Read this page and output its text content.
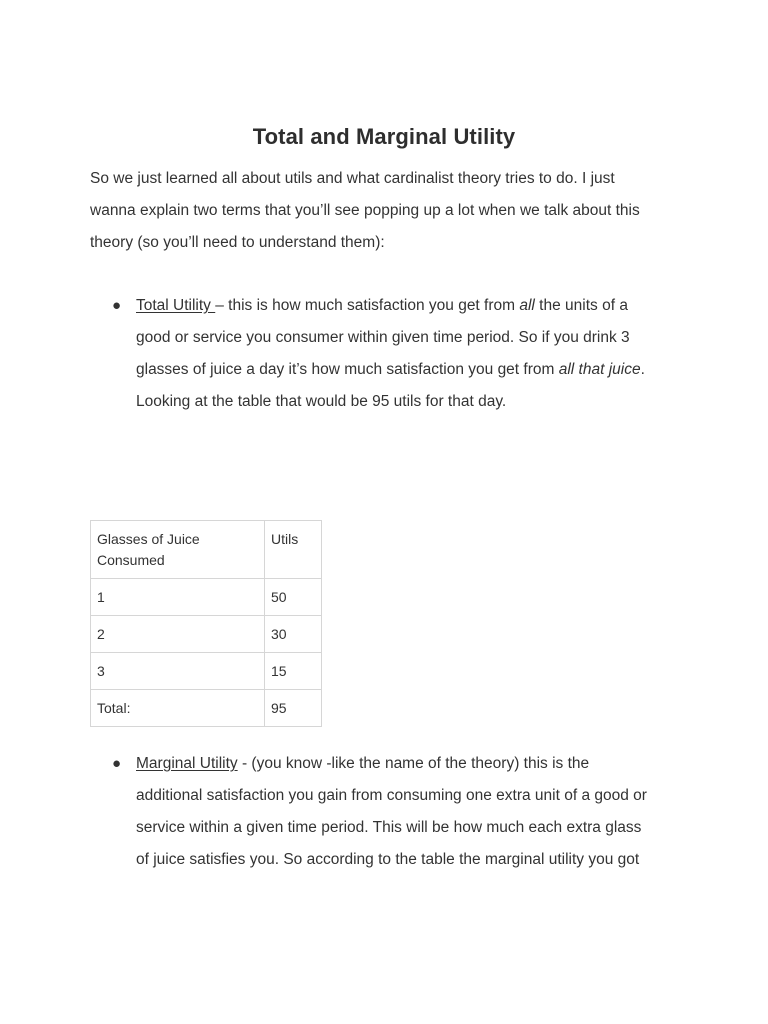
Total and Marginal Utility
So we just learned all about utils and what cardinalist theory tries to do. I just
wanna explain two terms that you’ll see popping up a lot when we talk about this
theory (so you’ll need to understand them):
● Total Utility – this is how much satisfaction you get from all the units of a
good or service you consumer within given time period. So if you drink 3
glasses of juice a day it’s how much satisfaction you get from all that juice.
Looking at the table that would be 95 utils for that day.
Glasses of Juice
Consumed	Utils
1	50
2	30
3	15
Total:	95
● Marginal Utility - (you know -like the name of the theory) this is the
additional satisfaction you gain from consuming one extra unit of a good or
service within a given time period. This will be how much each extra glass
of juice satisfies you. So according to the table the marginal utility you got
